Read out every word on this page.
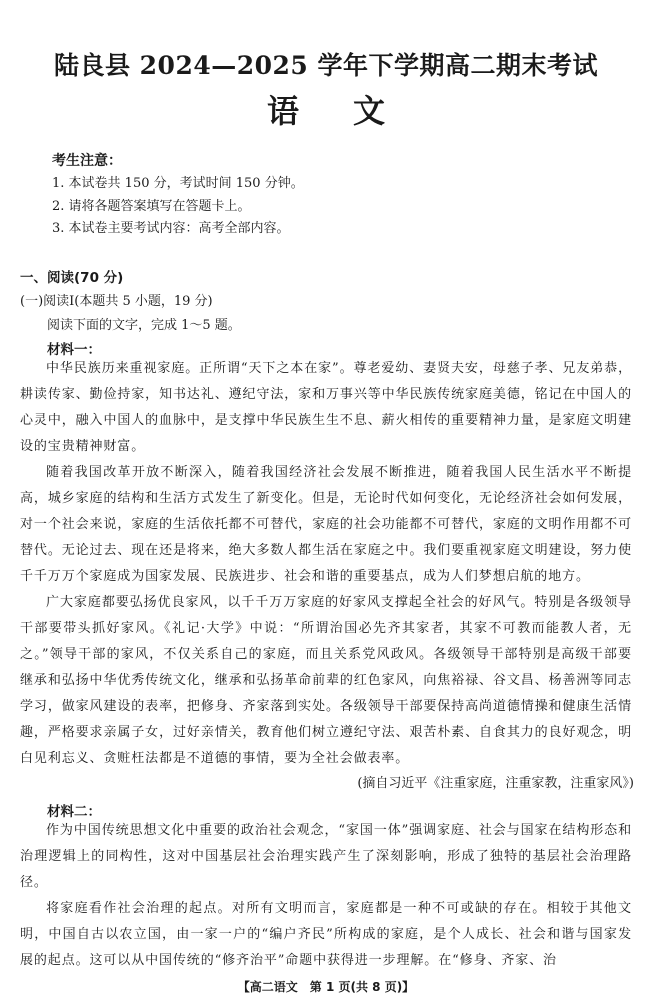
陆良县 2024—2025 学年下学期高二期末考试
语文
考生注意：
1. 本试卷共 150 分，考试时间 150 分钟。
2. 请将各题答案填写在答题卡上。
3. 本试卷主要考试内容：高考全部内容。
一、阅读(70 分)
(一)阅读Ⅰ(本题共 5 小题，19 分)
阅读下面的文字，完成 1～5 题。
材料一：

中华民族历来重视家庭。正所谓“天下之本在家”。尊老爱幼、妻贤夫安，母慈子孝、兄友弟恭，耕读传家、勤俭持家，知书达礼、遵纪守法，家和万事兴等中华民族传统家庭美德，铭记在中国人的心灵中，融入中国人的血脉中，是支撑中华民族生生不息、薪火相传的重要精神力量，是家庭文明建设的宝贵精神财富。

随着我国改革开放不断深入，随着我国经济社会发展不断推进，随着我国人民生活水平不断提高，城乡家庭的结构和生活方式发生了新变化。但是，无论时代如何变化，无论经济社会如何发展，对一个社会来说，家庭的生活依托都不可替代，家庭的社会功能都不可替代，家庭的文明作用都不可替代。无论过去、现在还是将来，绝大多数人都生活在家庭之中。我们要重视家庭文明建设，努力使千千万万个家庭成为国家发展、民族进步、社会和谐的重要基点，成为人们梦想启航的地方。

广大家庭都要弘扬优良家风，以千千万万家庭的好家风支撑起全社会的好风气。特别是各级领导干部要带头抓好家风。《礼记·大学》中说：“所谓治国必先齐其家者，其家不可教而能教人者，无之。”领导干部的家风，不仅关系自己的家庭，而且关系党风政风。各级领导干部特别是高级干部要继承和弘扬中华优秀传统文化，继承和弘扬革命前辈的红色家风，向焦裕禄、谷文昌、杨善洲等同志学习，做家风建设的表率，把修身、齐家落到实处。各级领导干部要保持高尚道德情操和健康生活情趣，严格要求亲属子女，过好亲情关，教育他们树立遵纪守法、艰苦朴素、自食其力的良好观念，明白见利忘义、贪赃枉法都是不道德的事情，要为全社会做表率。

(摘自习近平《注重家庭，注重家教，注重家风》)
材料二：

作为中国传统思想文化中重要的政治社会观念，“家国一体”强调家庭、社会与国家在结构形态和治理逻辑上的同构性，这对中国基层社会治理实践产生了深刻影响，形成了独特的基层社会治理路径。

将家庭看作社会治理的起点。对所有文明而言，家庭都是一种不可或缺的存在。相较于其他文明，中国自古以农立国，由一家一户的“编户齐民”所构成的家庭，是个人成长、社会和谐与国家发展的起点。这可以从中国传统的“修齐治平”命题中获得进一步理解。在“修身、齐家、治

【高二语文　第 1 页(共 8 页)】
